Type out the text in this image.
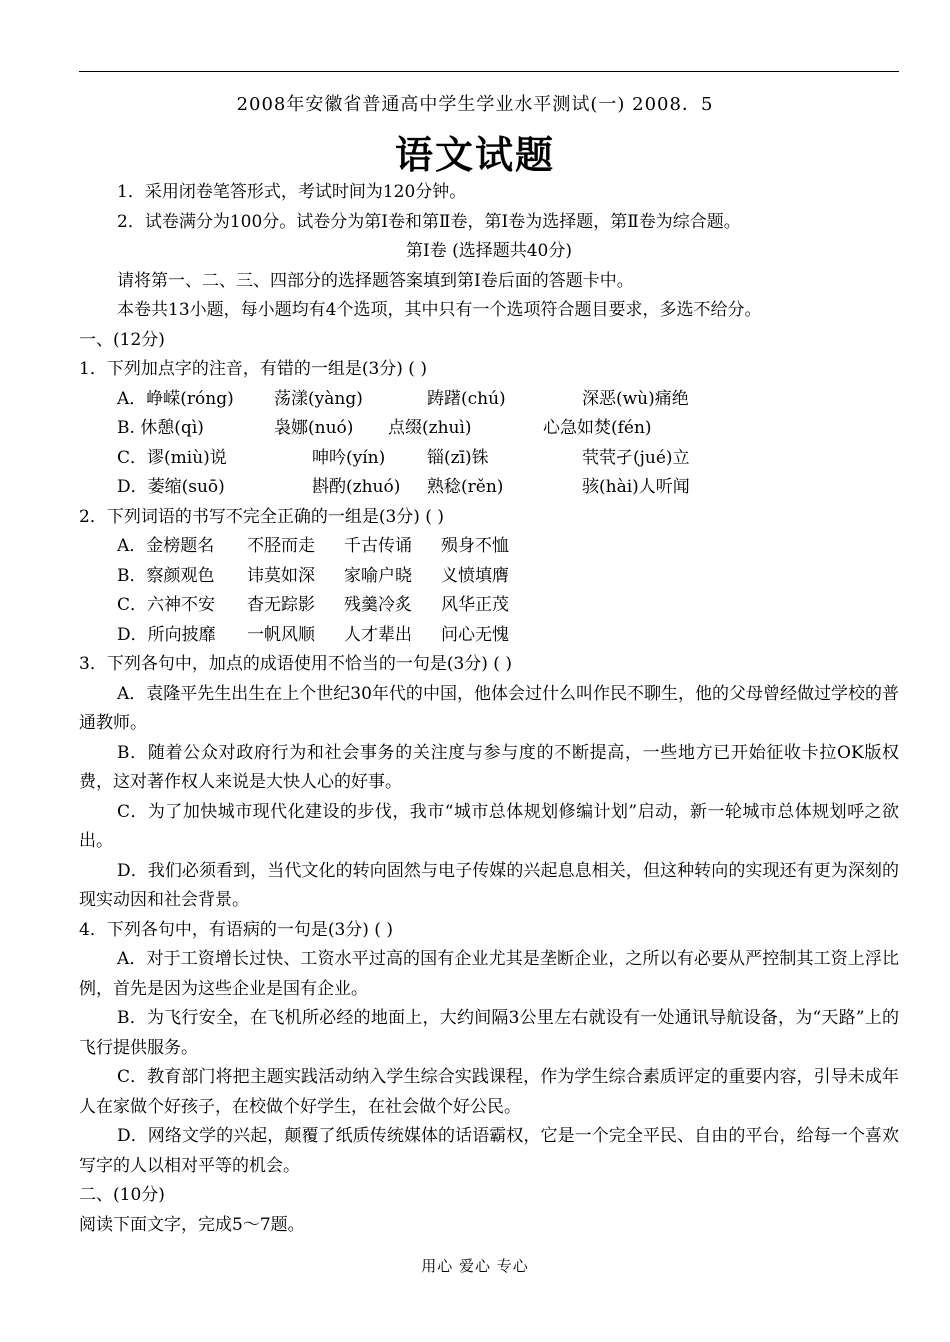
2008年安徽省普通高中学生学业水平测试(一) 2008．5
语文试题
1．采用闭卷笔答形式，考试时间为120分钟。
2．试卷满分为100分。试卷分为第Ⅰ卷和第Ⅱ卷，第Ⅰ卷为选择题，第Ⅱ卷为综合题。
第Ⅰ卷 (选择题共40分)
请将第一、二、三、四部分的选择题答案填到第Ⅰ卷后面的答题卡中。
本卷共13小题，每小题均有4个选项，其中只有一个选项符合题目要求，多选不给分。
一、(12分)
1．下列加点字的注音，有错的一组是(3分) ( )
A．峥嵘(róng)	荡漾(yàng)	踌躇(chú)	深恶(wù)痛绝
B. 休憩(qì)	袅娜(nuó)	点缀(zhuì)	心急如焚(fén)
C．谬(miù)说	呻吟(yín)	锱(zī)铢	茕茕孑(jué)立
D．萎缩(suō)	斟酌(zhuó)	熟稔(rěn)	骇(hài)人听闻
2．下列词语的书写不完全正确的一组是(3分) ( )
A．金榜题名	不胫而走	千古传诵	殒身不恤
B．察颜观色	讳莫如深	家喻户晓	义愤填膺
C．六神不安	杳无踪影	残羹冷炙	风华正茂
D．所向披靡	一帆风顺	人才辈出	问心无愧
3．下列各句中，加点的成语使用不恰当的一句是(3分) ( )
A．袁隆平先生出生在上个世纪30年代的中国，他体会过什么叫作民不聊生，他的父母曾经做过学校的普通教师。
B．随着公众对政府行为和社会事务的关注度与参与度的不断提高，一些地方已开始征收卡拉OK版权费，这对著作权人来说是大快人心的好事。
C．为了加快城市现代化建设的步伐，我市“城市总体规划修编计划”启动，新一轮城市总体规划呼之欲出。
D．我们必须看到，当代文化的转向固然与电子传媒的兴起息息相关，但这种转向的实现还有更为深刻的现实动因和社会背景。
4．下列各句中，有语病的一句是(3分) ( )
A．对于工资增长过快、工资水平过高的国有企业尤其是垄断企业，之所以有必要从严控制其工资上浮比例，首先是因为这些企业是国有企业。
B．为飞行安全，在飞机所必经的地面上，大约间隔3公里左右就设有一处通讯导航设备，为“天路”上的飞行提供服务。
C．教育部门将把主题实践活动纳入学生综合实践课程，作为学生综合素质评定的重要内容，引导未成年人在家做个好孩子，在校做个好学生，在社会做个好公民。
D．网络文学的兴起，颠覆了纸质传统媒体的话语霸权，它是一个完全平民、自由的平台，给每一个喜欢写字的人以相对平等的机会。
二、(10分)
阅读下面文字，完成5～7题。
用心 爱心 专心
